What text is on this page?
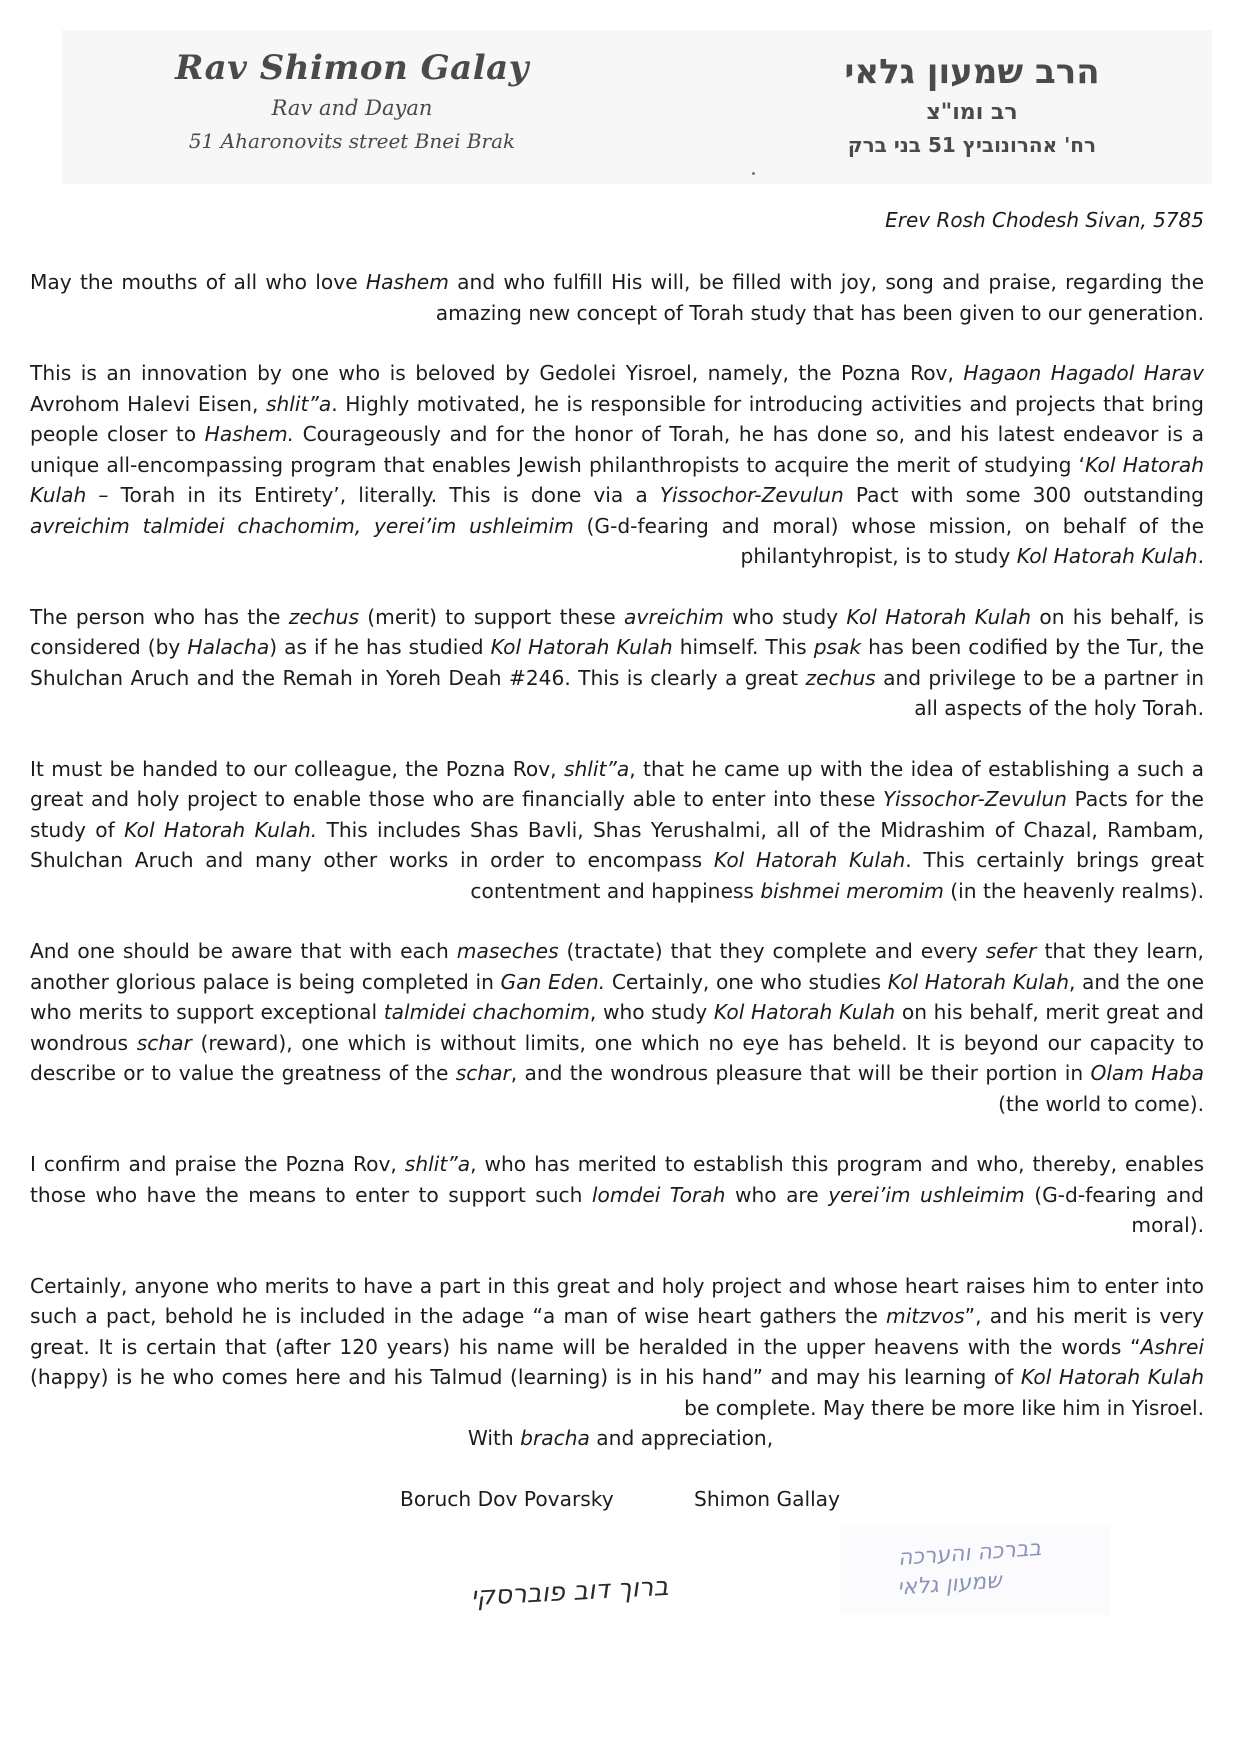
Rav Shimon Galay
Rav and Dayan
51 Aharonovits street Bnei Brak
הרב שמעון גלאי
רב ומו"צ
רח' אהרונוביץ 51 בני ברק
Erev Rosh Chodesh Sivan, 5785

May the mouths of all who love Hashem and who fulfill His will, be filled with joy, song and praise, regarding the amazing new concept of Torah study that has been given to our generation.

This is an innovation by one who is beloved by Gedolei Yisroel, namely, the Pozna Rov, Hagaon Hagadol Harav Avrohom Halevi Eisen, shlit”a. Highly motivated, he is responsible for introducing activities and projects that bring people closer to Hashem. Courageously and for the honor of Torah, he has done so, and his latest endeavor is a unique all-encompassing program that enables Jewish philanthropists to acquire the merit of studying ‘Kol Hatorah Kulah – Torah in its Entirety’, literally. This is done via a Yissochor-Zevulun Pact with some 300 outstanding avreichim talmidei chachomim, yerei’im ushleimim (G-d-fearing and moral) whose mission, on behalf of the philantyhropist, is to study Kol Hatorah Kulah.

The person who has the zechus (merit) to support these avreichim who study Kol Hatorah Kulah on his behalf, is considered (by Halacha) as if he has studied Kol Hatorah Kulah himself. This psak has been codified by the Tur, the Shulchan Aruch and the Remah in Yoreh Deah #246. This is clearly a great zechus and privilege to be a partner in all aspects of the holy Torah.

It must be handed to our colleague, the Pozna Rov, shlit”a, that he came up with the idea of establishing a such a great and holy project to enable those who are financially able to enter into these Yissochor-Zevulun Pacts for the study of Kol Hatorah Kulah. This includes Shas Bavli, Shas Yerushalmi, all of the Midrashim of Chazal, Rambam, Shulchan Aruch and many other works in order to encompass Kol Hatorah Kulah. This certainly brings great contentment and happiness bishmei meromim (in the heavenly realms).

And one should be aware that with each maseches (tractate) that they complete and every sefer that they learn, another glorious palace is being completed in Gan Eden. Certainly, one who studies Kol Hatorah Kulah, and the one who merits to support exceptional talmidei chachomim, who study Kol Hatorah Kulah on his behalf, merit great and wondrous schar (reward), one which is without limits, one which no eye has beheld. It is beyond our capacity to describe or to value the greatness of the schar, and the wondrous pleasure that will be their portion in Olam Haba (the world to come).

I confirm and praise the Pozna Rov, shlit”a, who has merited to establish this program and who, thereby, enables those who have the means to enter to support such lomdei Torah who are yerei’im ushleimim (G-d-fearing and moral).

Certainly, anyone who merits to have a part in this great and holy project and whose heart raises him to enter into such a pact, behold he is included in the adage “a man of wise heart gathers the mitzvos”, and his merit is very great. It is certain that (after 120 years) his name will be heralded in the upper heavens with the words “Ashrei (happy) is he who comes here and his Talmud (learning) is in his hand” and may his learning of Kol Hatorah Kulah be complete. May there be more like him in Yisroel.

With bracha and appreciation,
Boruch Dov Povarsky	Shimon Gallay
ברוך דוב פוברסקי
בברכה והערכה
שמעון גלאי
